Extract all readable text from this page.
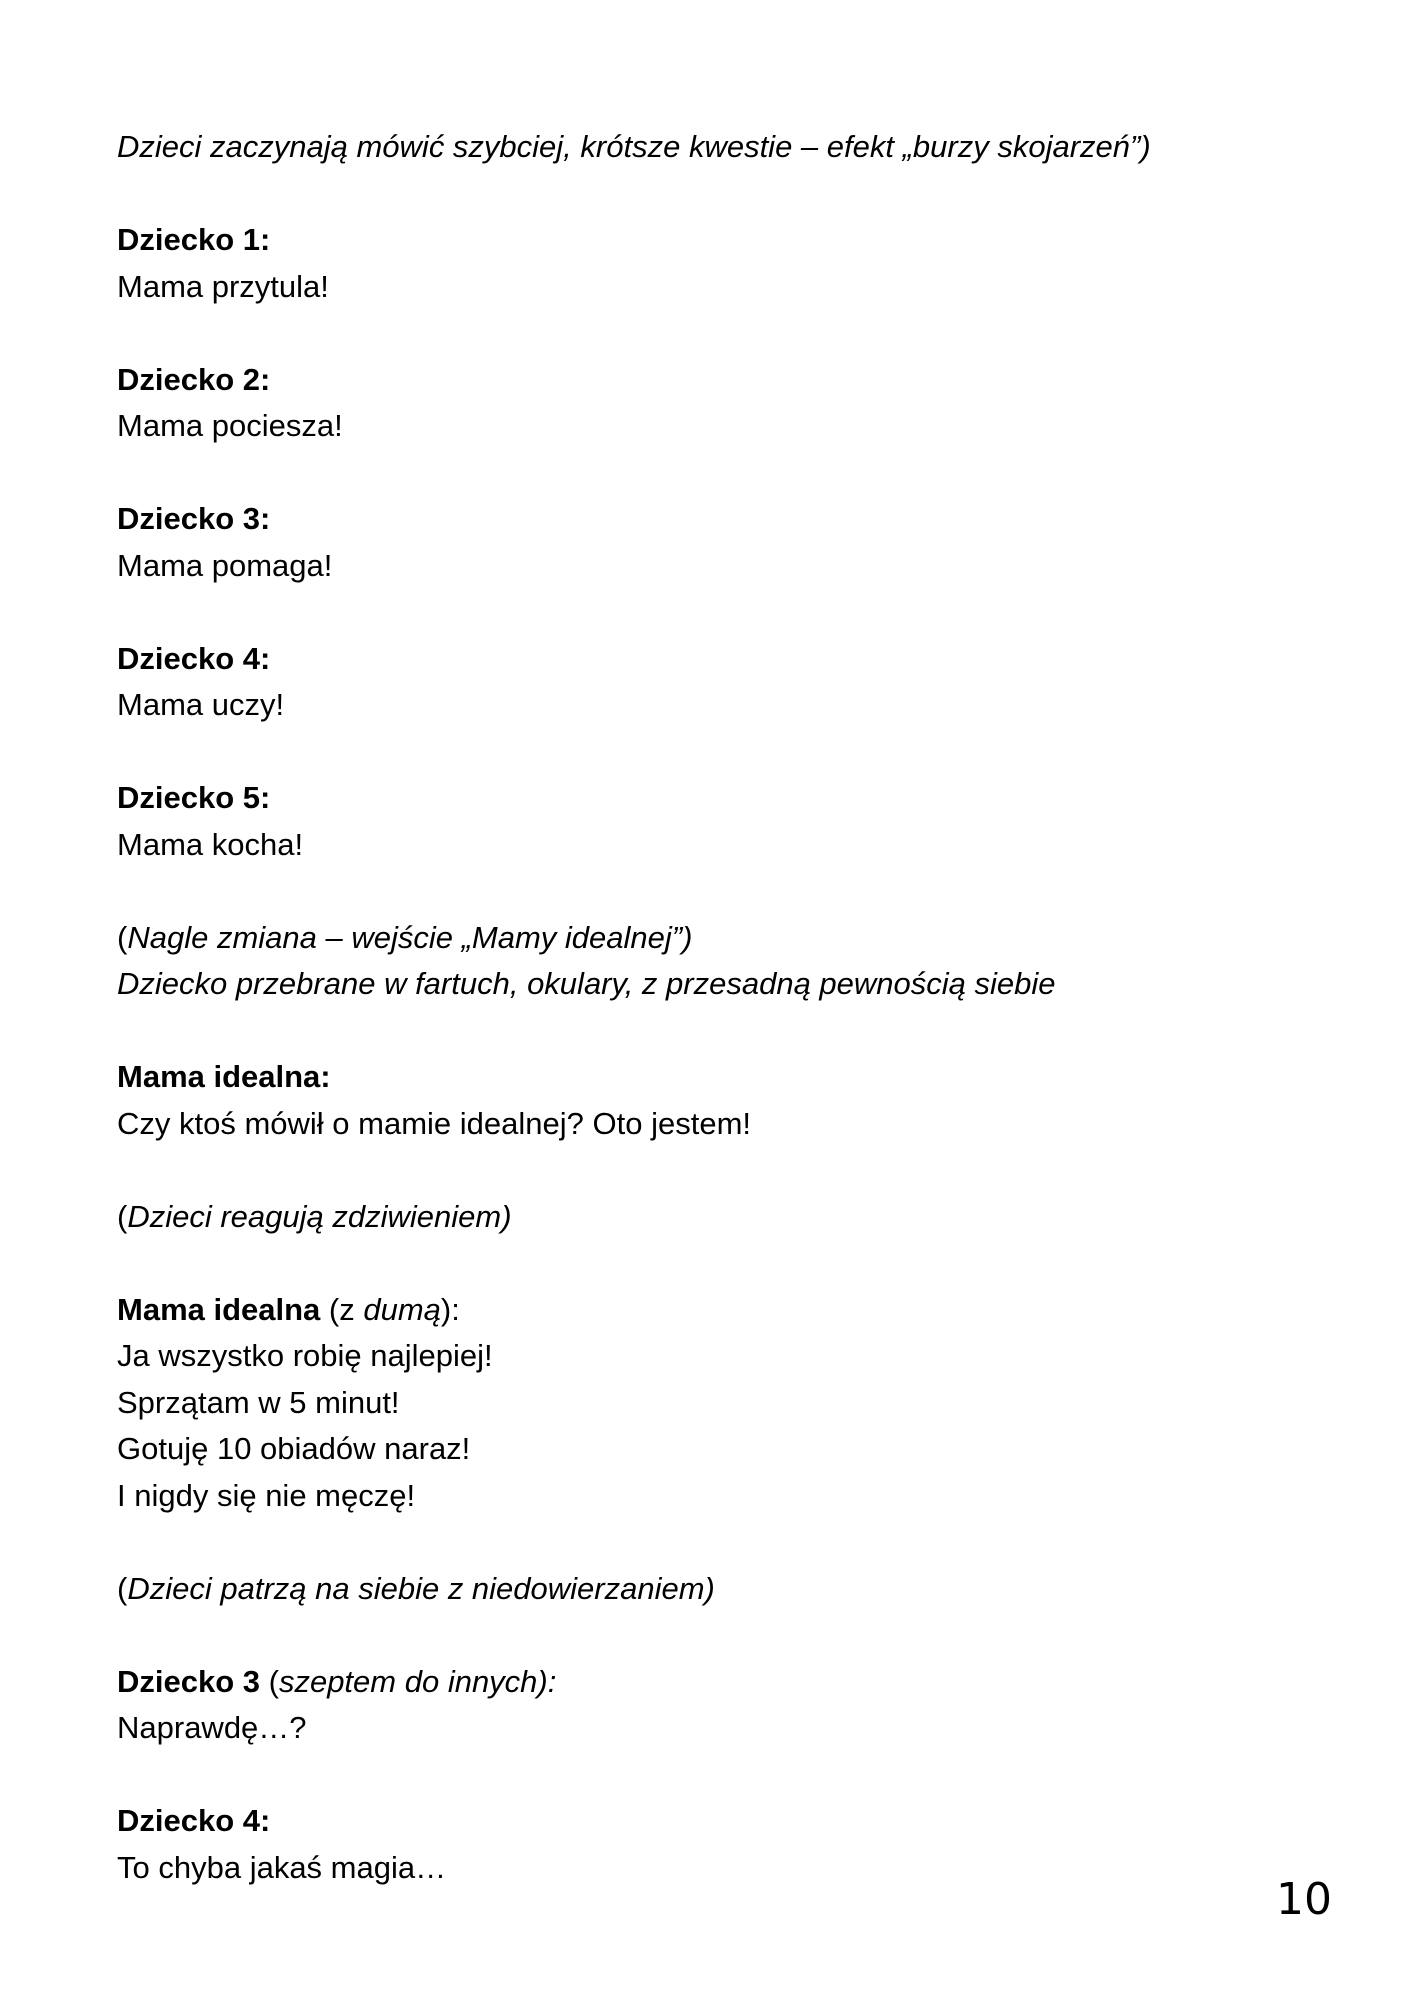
Dzieci zaczynają mówić szybciej, krótsze kwestie – efekt „burzy skojarzeń”)
Dziecko 1:
Mama przytula!
Dziecko 2:
Mama pociesza!
Dziecko 3:
Mama pomaga!
Dziecko 4:
Mama uczy!
Dziecko 5:
Mama kocha!
(Nagle zmiana – wejście „Mamy idealnej”)
Dziecko przebrane w fartuch, okulary, z przesadną pewnością siebie
Mama idealna:
Czy ktoś mówił o mamie idealnej? Oto jestem!
(Dzieci reagują zdziwieniem)
Mama idealna (z dumą):
Ja wszystko robię najlepiej!
Sprzątam w 5 minut!
Gotuję 10 obiadów naraz!
I nigdy się nie męczę!
(Dzieci patrzą na siebie z niedowierzaniem)
Dziecko 3 (szeptem do innych):
Naprawdę…?
Dziecko 4:
To chyba jakaś magia…
10
